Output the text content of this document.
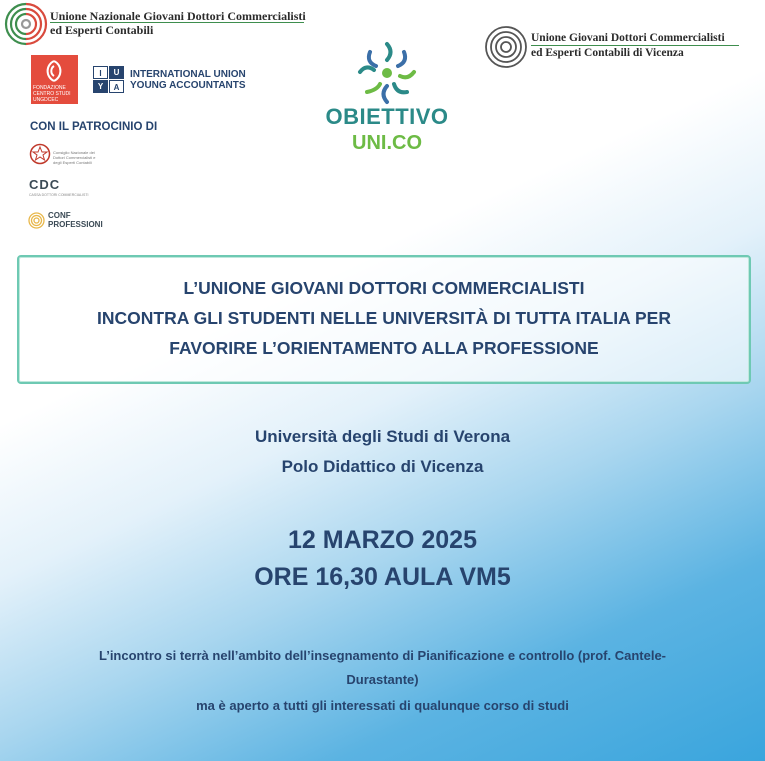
Unione Nazionale Giovani Dottori Commercialisti
ed Esperti Contabili
FONDAZIONE CENTRO STUDI UNGDCEC
I	U
Y	A
INTERNATIONAL UNION
YOUNG ACCOUNTANTS
CON IL PATROCINIO DI
Consiglio Nazionale dei Dottori Commercialisti e degli Esperti Contabili
CDC
CASSA DOTTORI COMMERCIALISTI
CONF
PROFESSIONI
OBIETTIVO
UNI.CO
Unione Giovani Dottori Commercialisti
ed Esperti Contabili di Vicenza
L’UNIONE GIOVANI DOTTORI COMMERCIALISTI
INCONTRA GLI STUDENTI NELLE UNIVERSITÀ DI TUTTA ITALIA PER
FAVORIRE L’ORIENTAMENTO ALLA PROFESSIONE
Università degli Studi di Verona
Polo Didattico di Vicenza
12 MARZO 2025
ORE 16,30 AULA VM5
L’incontro si terrà nell’ambito dell’insegnamento di Pianificazione e controllo (prof. Cantele-
Durastante)
ma è aperto a tutti gli interessati di qualunque corso di studi
